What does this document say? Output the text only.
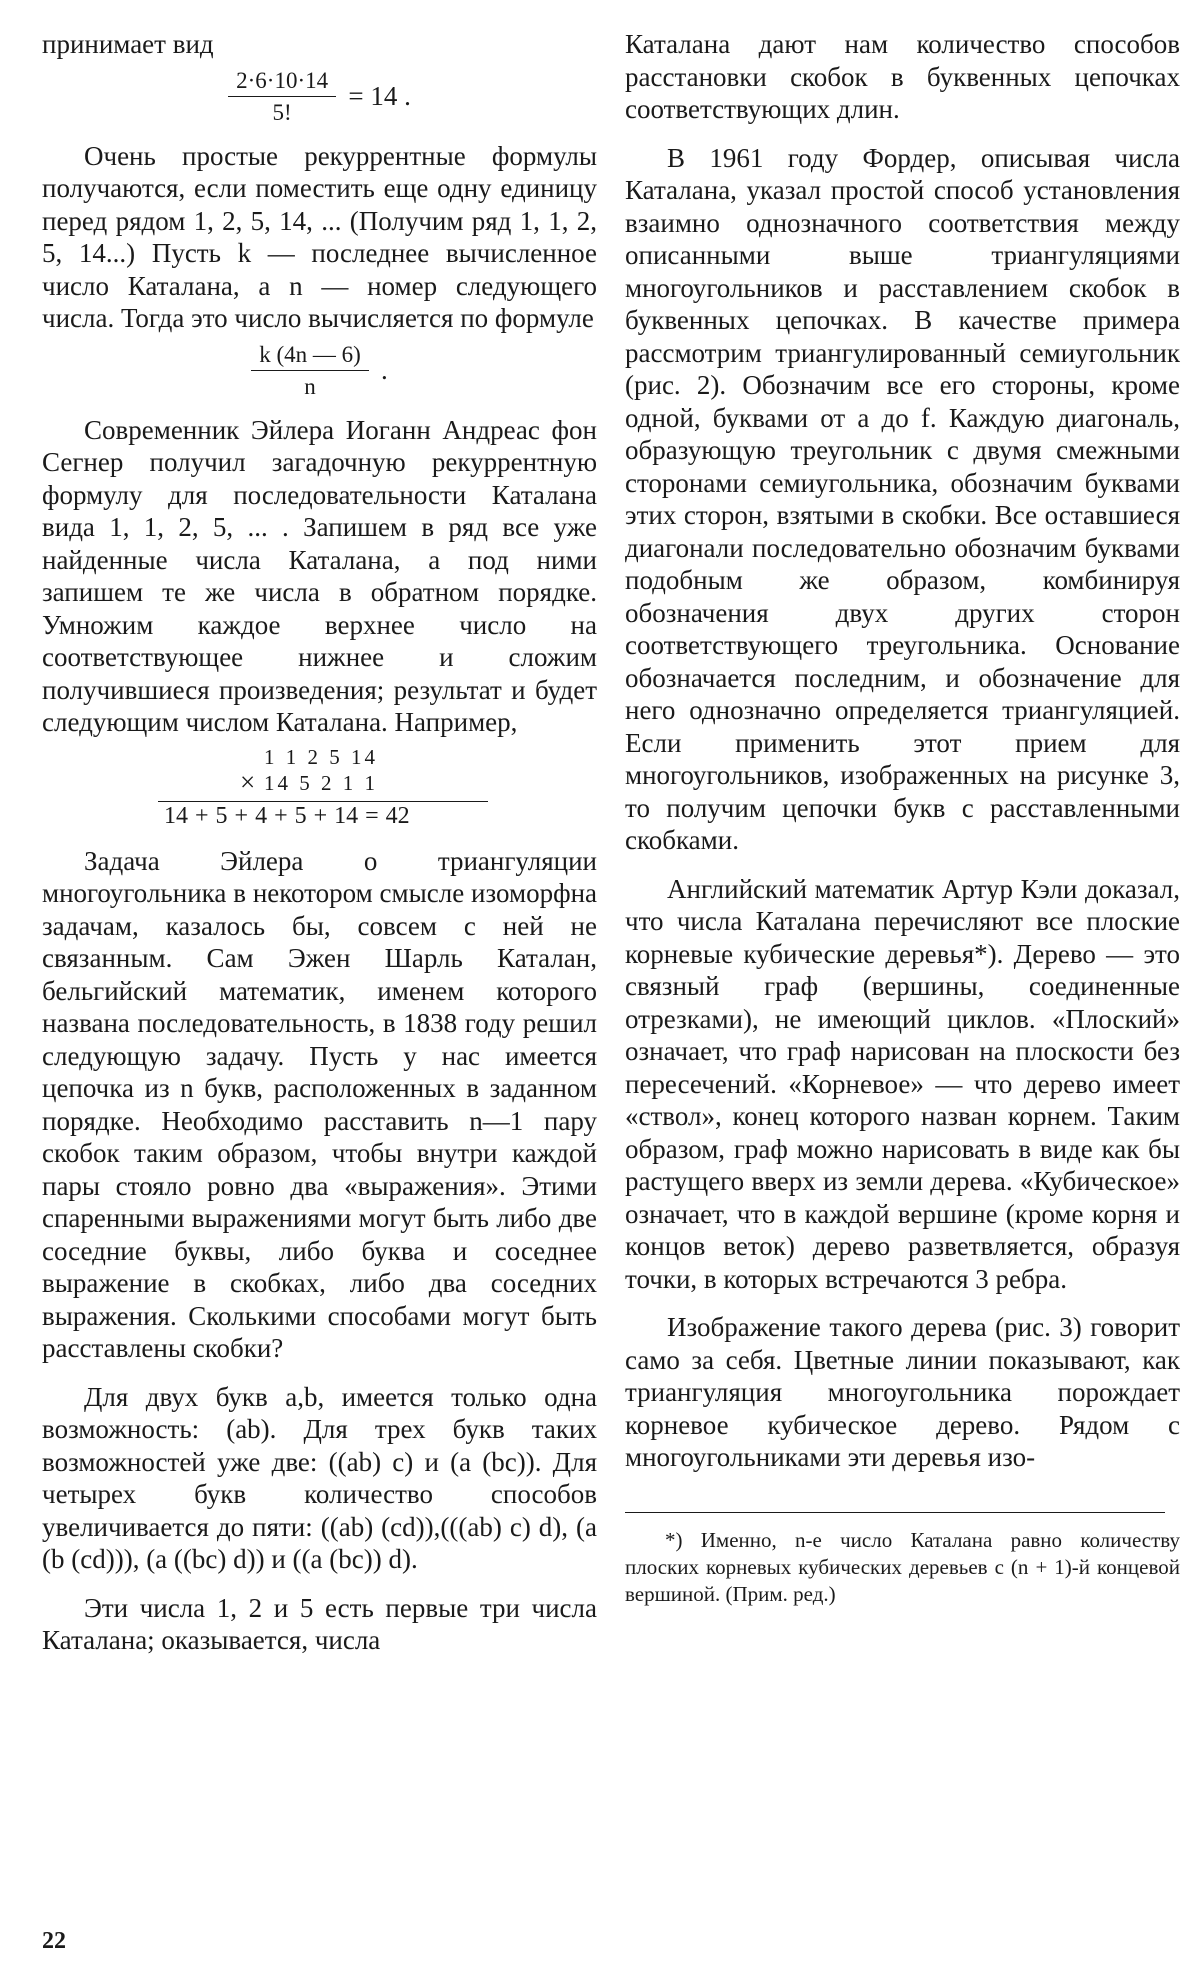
принимает вид

$\frac{2\cdot 6\cdot 10\cdot 14}{5!} = 14$ .

Очень простые рекуррентные формулы получаются, если поместить еще одну единицу перед рядом 1, 2, 5, 14, ... (Получим ряд 1, 1, 2, 5, 14...) Пусть k — последнее вычисленное число Каталана, а n — номер следующего числа. Тогда это число вычисляется по формуле

$\frac{k (4n — 6)}{n}$ .

Современник Эйлера Иоганн Андреас фон Сегнер получил загадочную рекуррентную формулу для последовательности Каталана вида 1, 1, 2, 5, ... . Запишем в ряд все уже найденные числа Каталана, а под ними запишем те же числа в обратном порядке. Умножим каждое верхнее число на соответствующее нижнее и сложим получившиеся произведения; результат и будет следующим числом Каталана. Например,

1 1 2 5 14
× 14 5 2 1 1
14 + 5 + 4 + 5 + 14 = 42

Задача Эйлера о триангуляции многоугольника в некотором смысле изоморфна задачам, казалось бы, совсем с ней не связанным. Сам Эжен Шарль Каталан, бельгийский математик, именем которого названа последовательность, в 1838 году решил следующую задачу. Пусть у нас имеется цепочка из n букв, расположенных в заданном порядке. Необходимо расставить n—1 пару скобок таким образом, чтобы внутри каждой пары стояло ровно два «выражения». Этими спаренными выражениями могут быть либо две соседние буквы, либо буква и соседнее выражение в скобках, либо два соседних выражения. Сколькими способами могут быть расставлены скобки?

Для двух букв a,b, имеется только одна возможность: (ab). Для трех букв таких возможностей уже две: ((ab) c) и (a (bc)). Для четырех букв количество способов увеличивается до пяти: ((ab) (cd)),(((ab) c) d), (a (b (cd))), (a ((bc) d)) и ((a (bc)) d).

Эти числа 1, 2 и 5 есть первые три числа Каталана; оказывается, числа

Каталана дают нам количество способов расстановки скобок в буквенных цепочках соответствующих длин.

В 1961 году Фордер, описывая числа Каталана, указал простой способ установления взаимно однозначного соответствия между описанными выше триангуляциями многоугольников и расставлением скобок в буквенных цепочках. В качестве примера рассмотрим триангулированный семиугольник (рис. 2). Обозначим все его стороны, кроме одной, буквами от a до f. Каждую диагональ, образующую треугольник с двумя смежными сторонами семиугольника, обозначим буквами этих сторон, взятыми в скобки. Все оставшиеся диагонали последовательно обозначим буквами подобным же образом, комбинируя обозначения двух других сторон соответствующего треугольника. Основание обозначается последним, и обозначение для него однозначно определяется триангуляцией. Если применить этот прием для многоугольников, изображенных на рисунке 3, то получим цепочки букв с расставленными скобками.

Английский математик Артур Кэли доказал, что числа Каталана перечисляют все плоские корневые кубические деревья*). Дерево — это связный граф (вершины, соединенные отрезками), не имеющий циклов. «Плоский» означает, что граф нарисован на плоскости без пересечений. «Корневое» — что дерево имеет «ствол», конец которого назван корнем. Таким образом, граф можно нарисовать в виде как бы растущего вверх из земли дерева. «Кубическое» означает, что в каждой вершине (кроме корня и концов веток) дерево разветвляется, образуя точки, в которых встречаются 3 ребра.

Изображение такого дерева (рис. 3) говорит само за себя. Цветные линии показывают, как триангуляция многоугольника порождает корневое кубическое дерево. Рядом с многоугольниками эти деревья изо-

*) Именно, n-е число Каталана равно количеству плоских корневых кубических деревьев с (n + 1)-й концевой вершиной. (Прим. ред.)

22
